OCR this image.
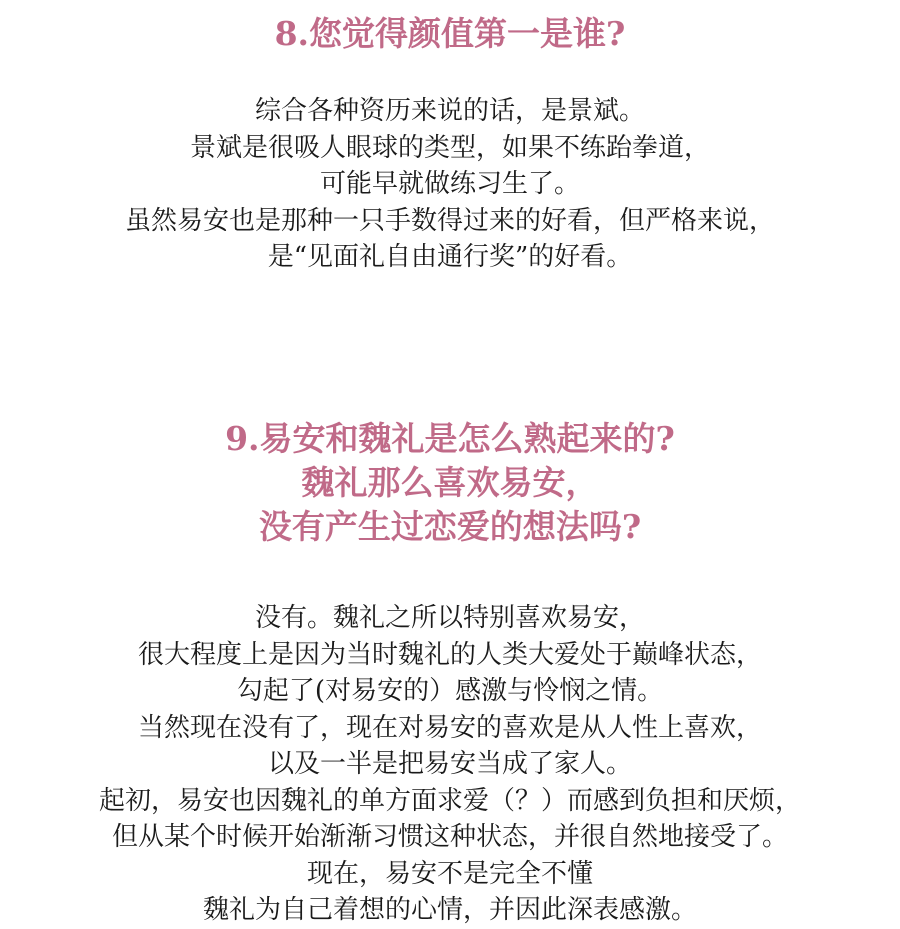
8.您觉得颜值第一是谁?
综合各种资历来说的话，是景斌。
景斌是很吸人眼球的类型，如果不练跆拳道，
可能早就做练习生了。
虽然易安也是那种一只手数得过来的好看，但严格来说，
是“见面礼自由通行奖”的好看。
9.易安和魏礼是怎么熟起来的?
魏礼那么喜欢易安，
没有产生过恋爱的想法吗?
没有。魏礼之所以特别喜欢易安，
很大程度上是因为当时魏礼的人类大爱处于巅峰状态，
勾起了(对易安的）感激与怜悯之情。
当然现在没有了，现在对易安的喜欢是从人性上喜欢，
以及一半是把易安当成了家人。
起初，易安也因魏礼的单方面求爱（？）而感到负担和厌烦，
但从某个时候开始渐渐习惯这种状态，并很自然地接受了。
现在，易安不是完全不懂
魏礼为自己着想的心情，并因此深表感激。
